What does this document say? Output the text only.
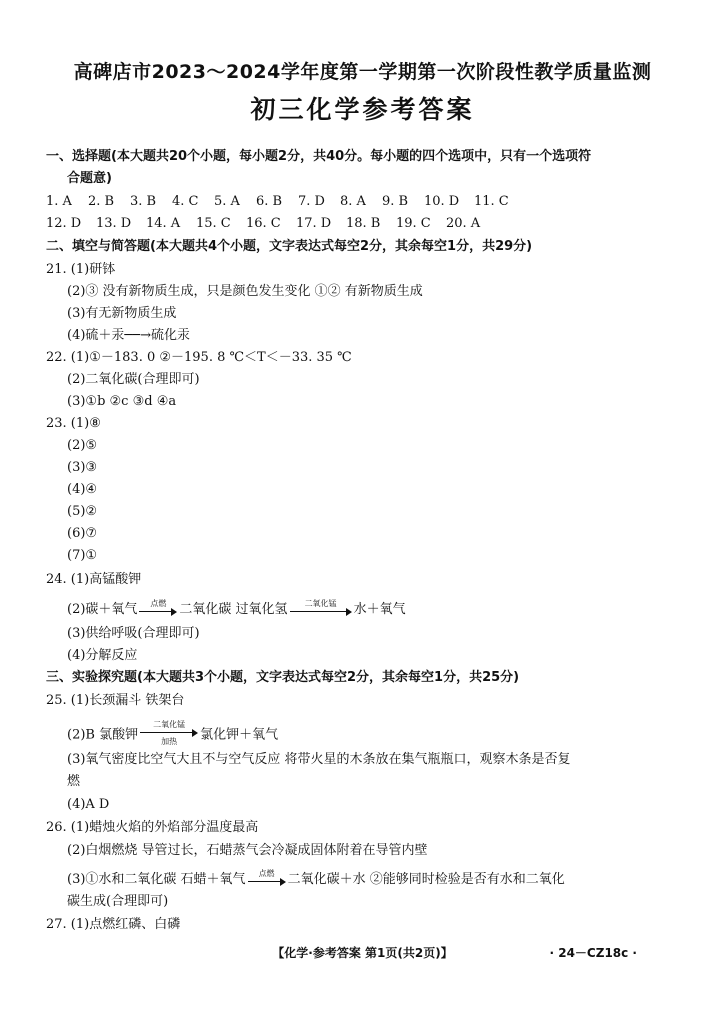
高碑店市2023～2024学年度第一学期第一次阶段性教学质量监测
初三化学参考答案
一、选择题(本大题共20个小题，每小题2分，共40分。每小题的四个选项中，只有一个选项符
合题意)
1. A 2. B 3. B 4. C 5. A 6. B 7. D 8. A 9. B 10. D 11. C
12. D 13. D 14. A 15. C 16. C 17. D 18. B 19. C 20. A
二、填空与简答题(本大题共4个小题，文字表达式每空2分，其余每空1分，共29分)
21. (1)研钵
(2)③ 没有新物质生成，只是颜色发生变化 ①② 有新物质生成
(3)有无新物质生成
(4)硫＋汞──→硫化汞
22. (1)①－183. 0 ②－195. 8 ℃＜T＜－33. 35 ℃
(2)二氧化碳(合理即可)
(3)①b ②c ③d ④a
23. (1)⑧
(2)⑤
(3)③
(4)④
(5)②
(6)⑦
(7)①
24. (1)高锰酸钾
(2)碳＋氧气 点燃 二氧化碳 过氧化氢 二氧化锰 水＋氧气
(3)供给呼吸(合理即可)
(4)分解反应
三、实验探究题(本大题共3个小题，文字表达式每空2分，其余每空1分，共25分)
25. (1)长颈漏斗 铁架台
(2)B 氯酸钾
二氧化锰
加热 氯化钾＋氧气
(3)氧气密度比空气大且不与空气反应 将带火星的木条放在集气瓶瓶口，观察木条是否复
燃
(4)A D
26. (1)蜡烛火焰的外焰部分温度最高
(2)白烟燃烧 导管过长，石蜡蒸气会冷凝成固体附着在导管内壁
(3)①水和二氧化碳 石蜡＋氧气 点燃 二氧化碳＋水 ②能够同时检验是否有水和二氧化
碳生成(合理即可)
27. (1)点燃红磷、白磷
【化学·参考答案 第1页(共2页)】	· 24－CZ18c ·
